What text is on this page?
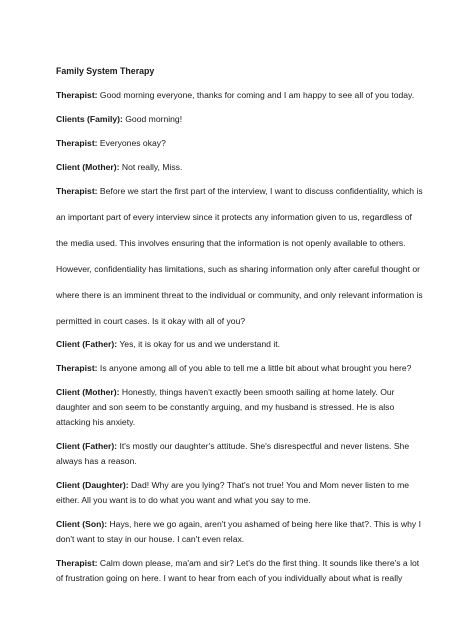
Family System Therapy
Therapist: Good morning everyone, thanks for coming and I am happy to see all of you today.
Clients (Family): Good morning!
Therapist: Everyones okay?
Client (Mother): Not really, Miss.
Therapist: Before we start the first part of the interview, I want to discuss confidentiality, which is an important part of every interview since it protects any information given to us, regardless of the media used. This involves ensuring that the information is not openly available to others. However, confidentiality has limitations, such as sharing information only after careful thought or where there is an imminent threat to the individual or community, and only relevant information is permitted in court cases. Is it okay with all of you?
Client (Father): Yes, it is okay for us and we understand it.
Therapist: Is anyone among all of you able to tell me a little bit about what brought you here?
Client (Mother): Honestly, things haven't exactly been smooth sailing at home lately. Our daughter and son seem to be constantly arguing, and my husband is stressed. He is also attacking his anxiety.
Client (Father): It's mostly our daughter's attitude. She's disrespectful and never listens. She always has a reason.
Client (Daughter): Dad! Why are you lying? That's not true! You and Mom never listen to me either. All you want is to do what you want and what you say to me.
Client (Son): Hays, here we go again, aren't you ashamed of being here like that?. This is why I don't want to stay in our house. I can't even relax.
Therapist: Calm down please, ma'am and sir? Let's do the first thing. It sounds like there's a lot of frustration going on here. I want to hear from each of you individually about what is really
